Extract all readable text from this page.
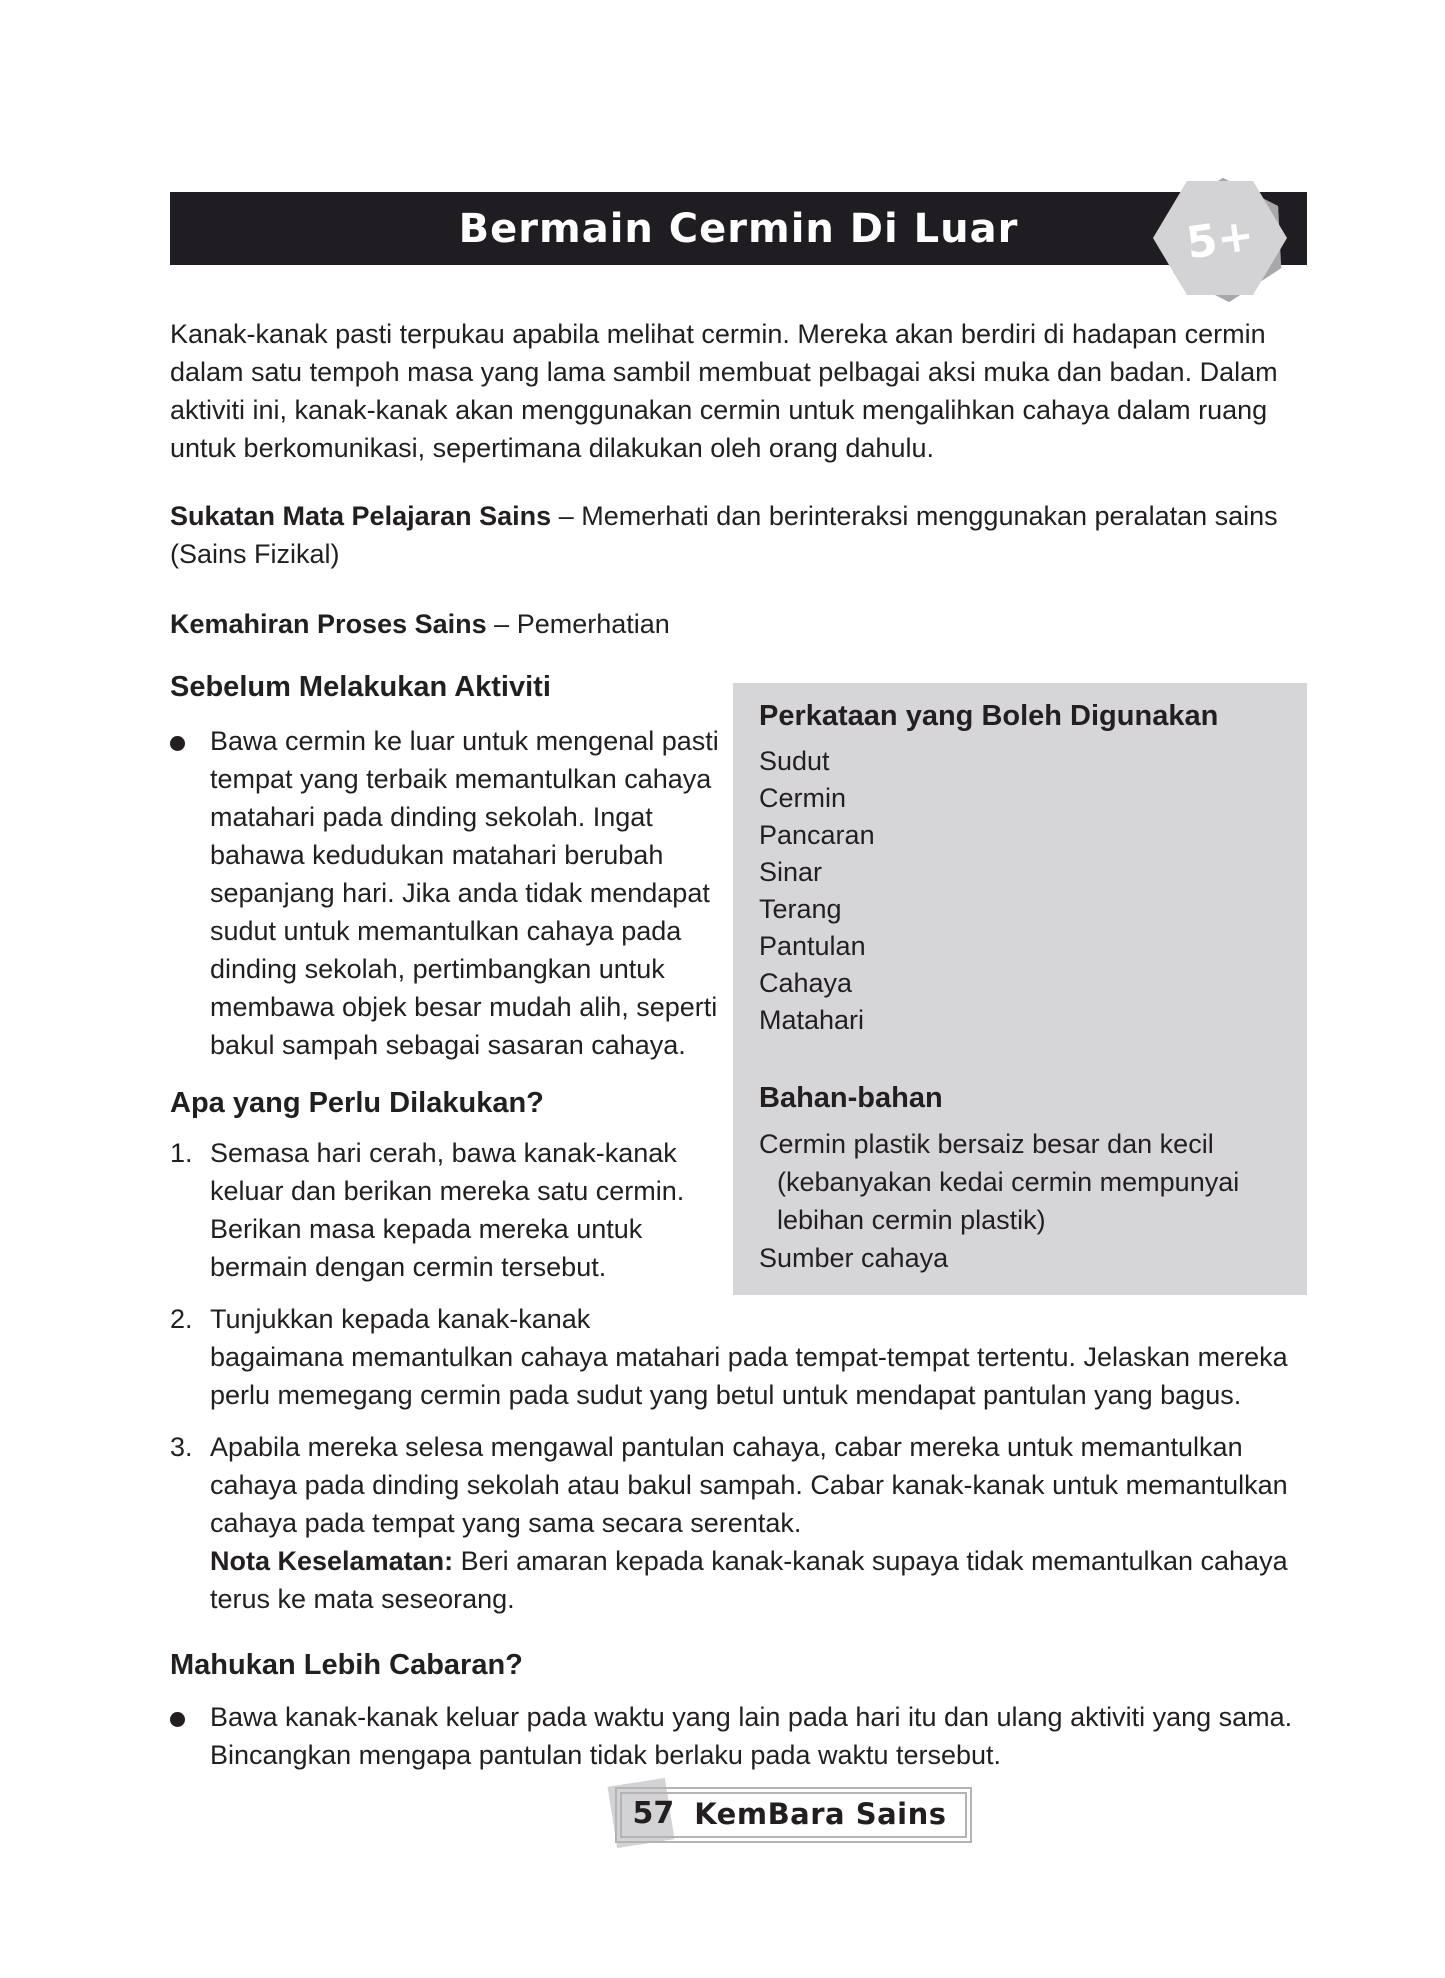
Bermain Cermin Di Luar	5+

Kanak-kanak pasti terpukau apabila melihat cermin. Mereka akan berdiri di hadapan cermin dalam satu tempoh masa yang lama sambil membuat pelbagai aksi muka dan badan. Dalam aktiviti ini, kanak-kanak akan menggunakan cermin untuk mengalihkan cahaya dalam ruang untuk berkomunikasi, sepertimana dilakukan oleh orang dahulu.

Sukatan Mata Pelajaran Sains – Memerhati dan berinteraksi menggunakan peralatan sains (Sains Fizikal)

Kemahiran Proses Sains – Pemerhatian

Perkataan yang Boleh Digunakan
Sudut
Cermin
Pancaran
Sinar
Terang
Pantulan
Cahaya
Matahari
Bahan-bahan

Cermin plastik bersaiz besar dan kecil (kebanyakan kedai cermin mempunyai lebihan cermin plastik)

Sumber cahaya

Sebelum Melakukan Aktiviti

Bawa cermin ke luar untuk mengenal pasti tempat yang terbaik memantulkan cahaya matahari pada dinding sekolah. Ingat bahawa kedudukan matahari berubah sepanjang hari. Jika anda tidak mendapat sudut untuk memantulkan cahaya pada dinding sekolah, pertimbangkan untuk membawa objek besar mudah alih, seperti bakul sampah sebagai sasaran cahaya.

Apa yang Perlu Dilakukan?

1. Semasa hari cerah, bawa kanak-kanak keluar dan berikan mereka satu cermin. Berikan masa kepada mereka untuk bermain dengan cermin tersebut.

2. Tunjukkan kepada kanak-kanak bagaimana memantulkan cahaya matahari pada tempat-tempat tertentu. Jelaskan mereka perlu memegang cermin pada sudut yang betul untuk mendapat pantulan yang bagus.

3. Apabila mereka selesa mengawal pantulan cahaya, cabar mereka untuk memantulkan cahaya pada dinding sekolah atau bakul sampah. Cabar kanak-kanak untuk memantulkan cahaya pada tempat yang sama secara serentak.

Nota Keselamatan: Beri amaran kepada kanak-kanak supaya tidak memantulkan cahaya terus ke mata seseorang.

Mahukan Lebih Cabaran?

Bawa kanak-kanak keluar pada waktu yang lain pada hari itu dan ulang aktiviti yang sama. Bincangkan mengapa pantulan tidak berlaku pada waktu tersebut.

57 KemBara Sains
